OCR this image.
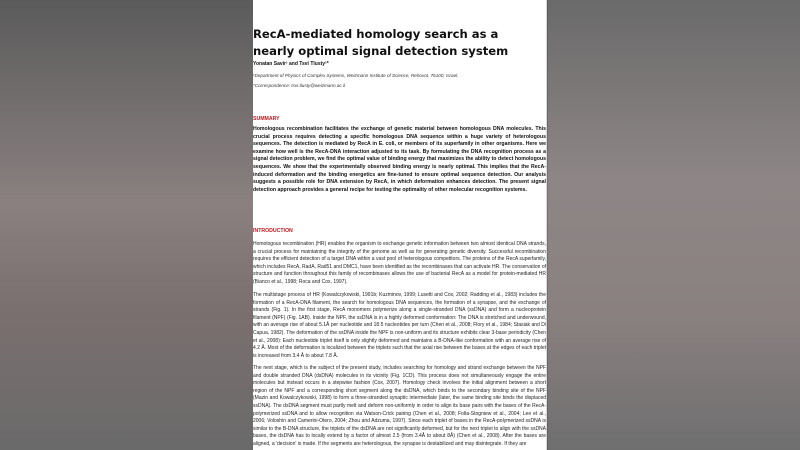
RecA-mediated homology search as a nearly optimal signal detection system
Yonatan Savir¹ and Tsvi Tlusty¹*
¹Department of Physics of Complex Systems, Weizmann Institute of Science, Rehovot, 76100, Israel.
*Correspondence: tsvi.tlusty@weizmann.ac.il
SUMMARY
Homologous recombination facilitates the exchange of genetic material between homologous DNA molecules. This crucial process requires detecting a specific homologous DNA sequence within a huge variety of heterologous sequences. The detection is mediated by RecA in E. coli, or members of its superfamily in other organisms. Here we examine how well is the RecA-DNA interaction adjusted to its task. By formulating the DNA recognition process as a signal detection problem, we find the optimal value of binding energy that maximizes the ability to detect homologous sequences. We show that the experimentally observed binding energy is nearly optimal. This implies that the RecA-induced deformation and the binding energetics are fine-tuned to ensure optimal sequence detection. Our analysis suggests a possible role for DNA extension by RecA, in which deformation enhances detection. The present signal detection approach provides a general recipe for testing the optimality of other molecular recognition systems.
INTRODUCTION
Homologous recombination (HR) enables the organism to exchange genetic information between two almost identical DNA strands, a crucial process for maintaining the integrity of the genome as well as for generating genetic diversity. Successful recombination requires the efficient detection of a target DNA within a vast pool of heterologous competitors. The proteins of the RecA superfamily, which includes RecA, RadA, Rad51 and DMC1, have been identified as the recombinases that can activate HR. The conservation of structure and function throughout this family of recombinases allows the use of bacterial RecA as a model for protein-mediated HR (Bianco et al., 1998; Roca and Cox, 1997).
The multistage process of HR (Kowalczykowski, 1991b; Kuzminov, 1999; Lusetti and Cox, 2002; Radding et al., 1983) includes the formation of a RecA-DNA filament, the search for homologous DNA sequences, the formation of a synapse, and the exchange of strands (Fig. 1). In the first stage, RecA monomers polymerize along a single-stranded DNA (ssDNA) and form a nucleoprotein filament (NPF) (Fig. 1AB). Inside the NPF, the ssDNA is in a highly deformed conformation: The DNA is stretched and underwound, with an average rise of about 5.1Å per nucleotide and 18.5 nucleotides per turn (Chen et al., 2008; Flory et al., 1984; Stasiak and Di Capua, 1982). The deformation of the ssDNA inside the NPF is non-uniform and its structure exhibits clear 3-base periodicity (Chen et al., 2008): Each nucleotide triplet itself is only slightly deformed and maintains a B-DNA-like conformation with an average rise of 4.2 Å. Most of the deformation is localized between the triplets such that the axial rise between the bases at the edges of each triplet is increased from 3.4 Å to about 7.8 Å.
The next stage, which is the subject of the present study, includes searching for homology and strand exchange between the NPF and double stranded DNA (dsDNA) molecules in its vicinity (Fig. 1CD). This process does not simultaneously engage the entire molecules but instead occurs in a stepwise fashion (Cox, 2007). Homology check involves the initial alignment between a short region of the NPF and a corresponding short segment along the dsDNA, which binds to the secondary binding site of the NPF (Mazin and Kowalczykowski, 1998) to form a three-stranded synaptic intermediate (later, the same binding site binds the displaced ssDNA). The dsDNA segment must partly melt and deform non-uniformly in order to align its base pairs with the bases of the RecA-polymerized ssDNA and to allow recognition via Watson-Crick pairing (Chen et al., 2008; Folta-Stogniew et al., 2004; Lee et al., 2006; Voloshin and Camerini-Otero, 2004; Zhou and Adzuma, 1997). Since each triplet of bases in the RecA-polymerized ssDNA is similar to the B-DNA structure, the triplets of the dsDNA are not significantly deformed, but for the next triplet to align with the ssDNA bases, the dsDNA has to locally extend by a factor of almost 2.5 (from 3.4Å to about 8Å) (Chen et al., 2008). After the bases are aligned, a 'decision' is made. If the segments are heterologous, the synapse is destabilized and may disintegrate. If they are
